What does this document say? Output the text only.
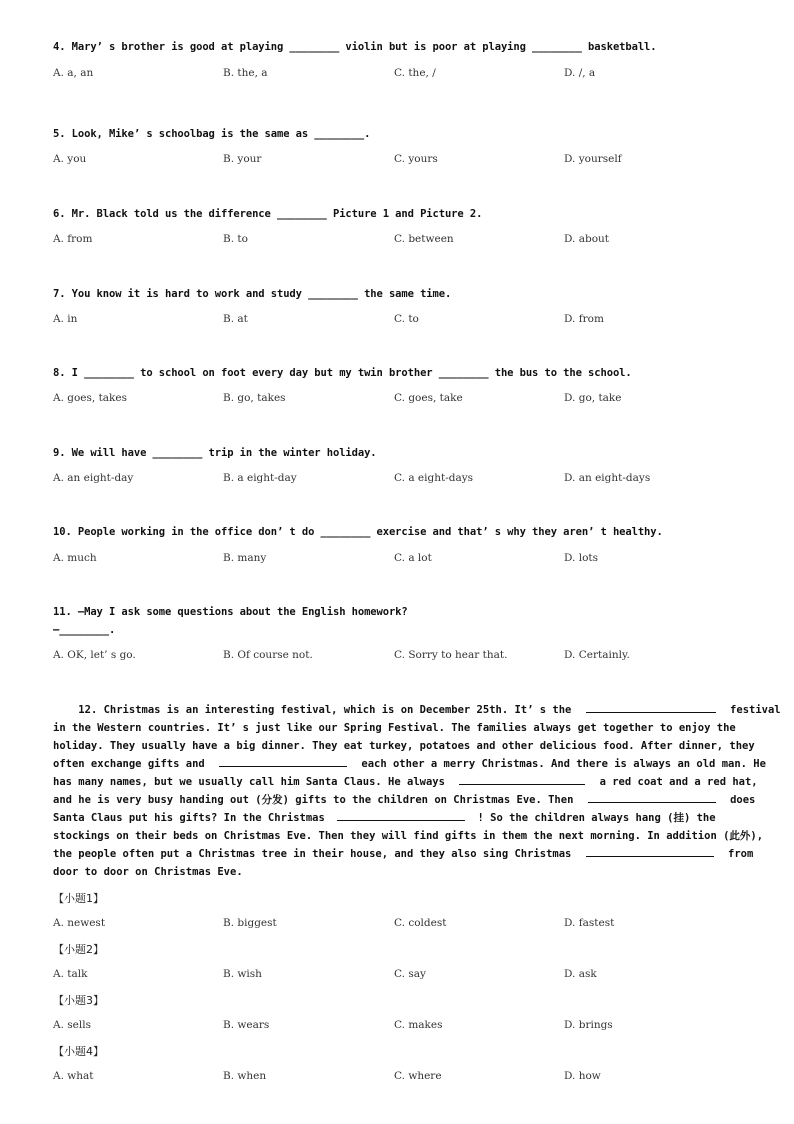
4. Mary’ s brother is good at playing ________ violin but is poor at playing ________ basketball.
A. a, an	B. the, a	C. the, /	D. /, a
5. Look, Mike’ s schoolbag is the same as ________.
A. you	B. your	C. yours	D. yourself
6. Mr. Black told us the difference ________ Picture 1 and Picture 2.
A. from	B. to	C. between	D. about
7. You know it is hard to work and study ________ the same time.
A. in	B. at	C. to	D. from
8. I ________ to school on foot every day but my twin brother ________ the bus to the school.
A. goes, takes	B. go, takes	C. goes, take	D. go, take
9. We will have ________ trip in the winter holiday.
A. an eight-day	B. a eight-day	C. a eight-days	D. an eight-days
10. People working in the office don’ t do ________ exercise and that’ s why they aren’ t healthy.
A. much	B. many	C. a lot	D. lots
11. —May I ask some questions about the English homework?
—________.
A. OK, let’ s go.	B. Of course not.	C. Sorry to hear that.	D. Certainly.
12. Christmas is an interesting festival, which is on December 25th. It’ s the	festival
in the Western countries. It’ s just like our Spring Festival. The families always get together to enjoy the
holiday. They usually have a big dinner. They eat turkey, potatoes and other delicious food. After dinner, they
often exchange gifts and	each other a merry Christmas. And there is always an old man. He
has many names, but we usually call him Santa Claus. He always	a red coat and a red hat,
and he is very busy handing out (分发) gifts to the children on Christmas Eve. Then	does
Santa Claus put his gifts? In the Christmas	! So the children always hang (挂) the
stockings on their beds on Christmas Eve. Then they will find gifts in them the next morning. In addition (此外),
the people often put a Christmas tree in their house, and they also sing Christmas	from
door to door on Christmas Eve.
【小题1】
A. newest	B. biggest	C. coldest	D. fastest
【小题2】
A. talk	B. wish	C. say	D. ask
【小题3】
A. sells	B. wears	C. makes	D. brings
【小题4】
A. what	B. when	C. where	D. how
